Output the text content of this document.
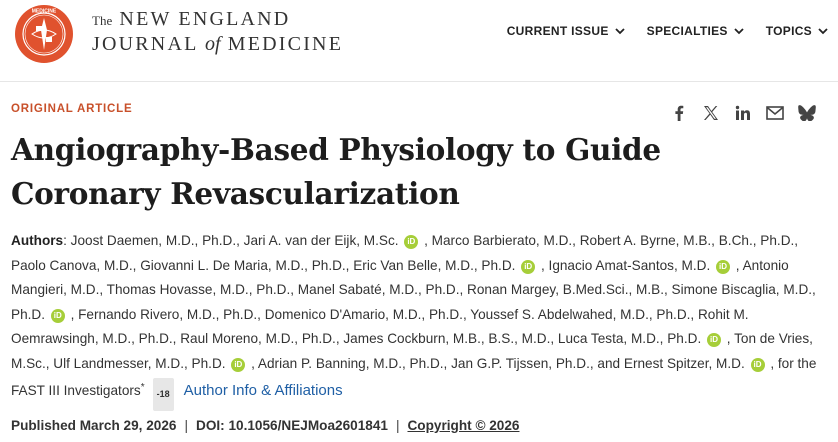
MEDICINE
The NEW ENGLAND
JOURNAL of MEDICINE
CURRENT ISSUE	SPECIALTIES	TOPICS
ORIGINAL ARTICLE
Angiography-Based Physiology to Guide Coronary Revascularization
Authors: Joost Daemen, M.D., Ph.D., Jari A. van der Eijk, M.Sc. iD , Marco Barbierato, M.D., Robert A. Byrne, M.B., B.Ch., Ph.D., Paolo Canova, M.D., Giovanni L. De Maria, M.D., Ph.D., Eric Van Belle, M.D., Ph.D. iD , Ignacio Amat-Santos, M.D. iD , Antonio Mangieri, M.D., Thomas Hovasse, M.D., Ph.D., Manel Sabaté, M.D., Ph.D., Ronan Margey, B.Med.Sci., M.B., Simone Biscaglia, M.D., Ph.D. iD , Fernando Rivero, M.D., Ph.D., Domenico D'Amario, M.D., Ph.D., Youssef S. Abdelwahed, M.D., Ph.D., Rohit M. Oemrawsingh, M.D., Ph.D., Raul Moreno, M.D., Ph.D., James Cockburn, M.B., B.S., M.D., Luca Testa, M.D., Ph.D. iD , Ton de Vries, M.Sc., Ulf Landmesser, M.D., Ph.D. iD , Adrian P. Banning, M.D., Ph.D., Jan G.P. Tijssen, Ph.D., and Ernest Spitzer, M.D. iD , for the FAST III Investigators*-18 Author Info & Affiliations
Published March 29, 2026 | DOI: 10.1056/NEJMoa2601841 | Copyright © 2026
